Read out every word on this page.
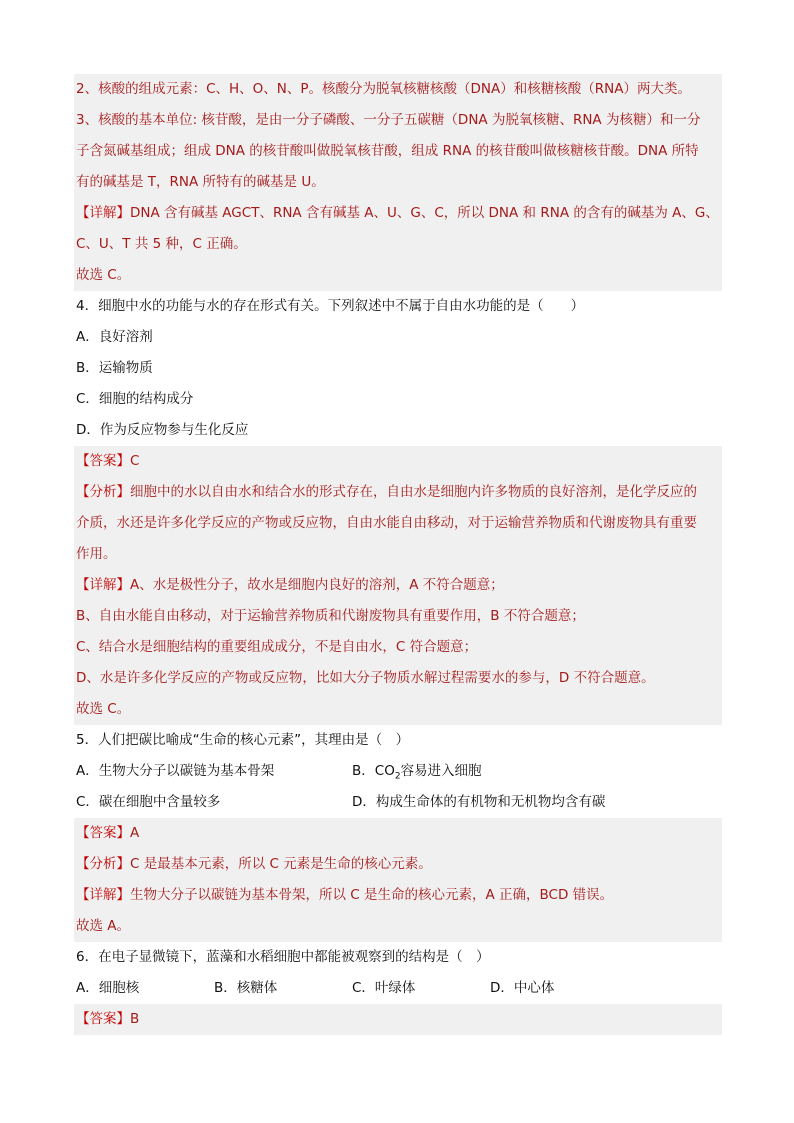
2、核酸的组成元素：C、H、O、N、P。核酸分为脱氧核糖核酸（DNA）和核糖核酸（RNA）两大类。
3、核酸的基本单位: 核苷酸，是由一分子磷酸、一分子五碳糖（DNA 为脱氧核糖、RNA 为核糖）和一分
子含氮碱基组成；组成 DNA 的核苷酸叫做脱氧核苷酸，组成 RNA 的核苷酸叫做核糖核苷酸。DNA 所特
有的碱基是 T，RNA 所特有的碱基是 U。
【详解】DNA 含有碱基 AGCT、RNA 含有碱基 A、U、G、C，所以 DNA 和 RNA 的含有的碱基为 A、G、
C、U、T 共 5 种，C 正确。
故选 C。
4．细胞中水的功能与水的存在形式有关。下列叙述中不属于自由水功能的是（　　）
A．良好溶剂
B．运输物质
C．细胞的结构成分
D．作为反应物参与生化反应
【答案】C
【分析】细胞中的水以自由水和结合水的形式存在，自由水是细胞内许多物质的良好溶剂，是化学反应的
介质，水还是许多化学反应的产物或反应物，自由水能自由移动，对于运输营养物质和代谢废物具有重要
作用。
【详解】A、水是极性分子，故水是细胞内良好的溶剂，A 不符合题意；
B、自由水能自由移动，对于运输营养物质和代谢废物具有重要作用，B 不符合题意；
C、结合水是细胞结构的重要组成成分，不是自由水，C 符合题意；
D、水是许多化学反应的产物或反应物，比如大分子物质水解过程需要水的参与，D 不符合题意。
故选 C。
5．人们把碳比喻成“生命的核心元素”，其理由是（　）
A．生物大分子以碳链为基本骨架	B．$CO_2$容易进入细胞
C．碳在细胞中含量较多	D．构成生命体的有机物和无机物均含有碳
【答案】A
【分析】C 是最基本元素，所以 C 元素是生命的核心元素。
【详解】生物大分子以碳链为基本骨架，所以 C 是生命的核心元素，A 正确，BCD 错误。
故选 A。
6．在电子显微镜下，蓝藻和水稻细胞中都能被观察到的结构是（　）
A．细胞核	B．核糖体	C．叶绿体	D．中心体
【答案】B
